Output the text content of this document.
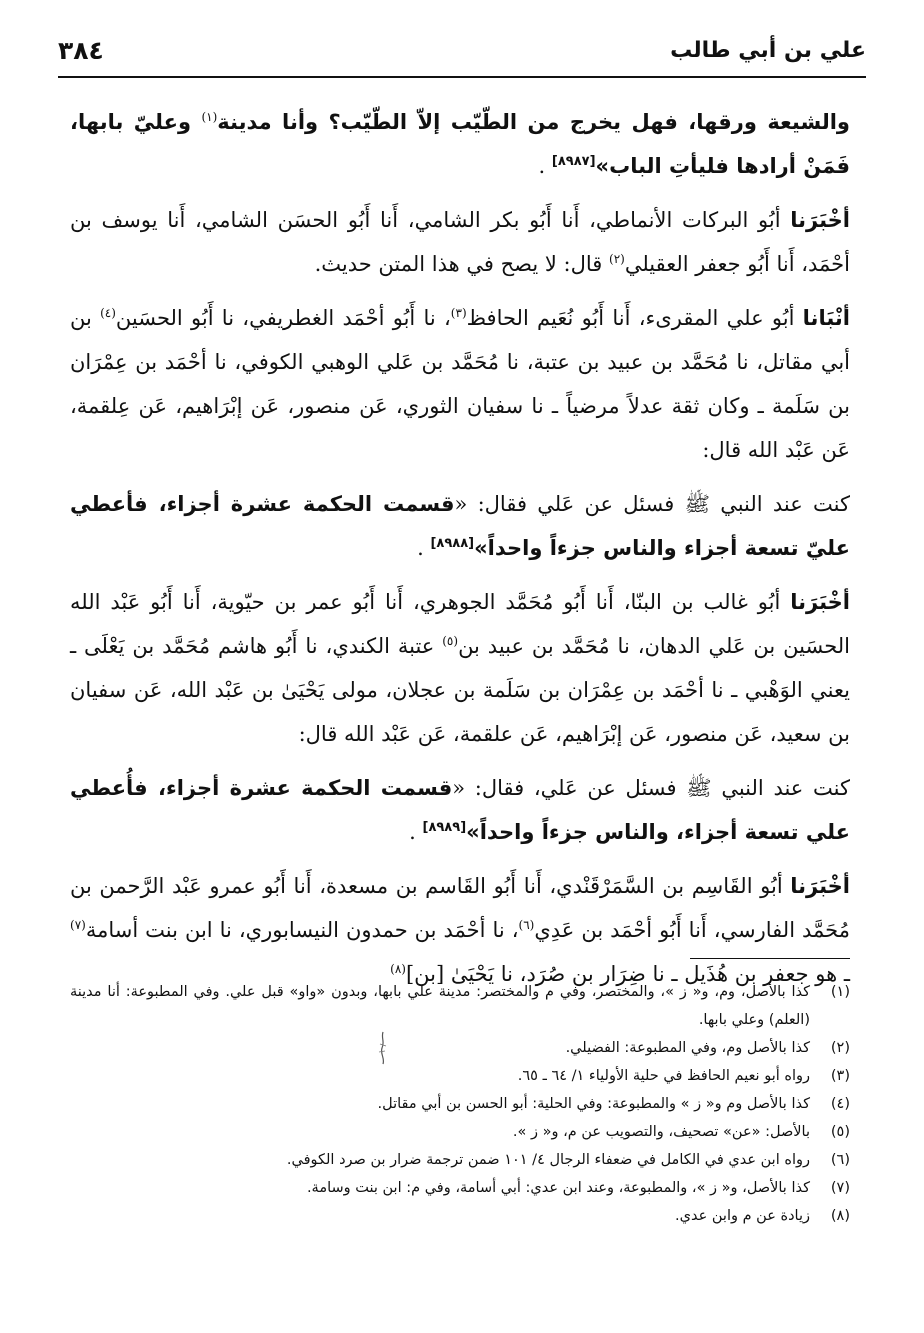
علي بن أبي طالب
٣٨٤

والشيعة ورقها، فهل يخرج من الطّيّب إلاّ الطّيّب؟ وأنا مدينة$^{(١)}$ وعليّ بابها، فَمَنْ أرادها فليأتِ الباب»[٨٩٨٧] .

أخْبَرَنا أبُو البركات الأنماطي، أَنا أَبُو بكر الشامي، أَنا أَبُو الحسَن الشامي، أَنا يوسف بن أحْمَد، أَنا أَبُو جعفر العقيلي$^{(٢)}$ قال: لا يصح في هذا المتن حديث.

أنْبَانا أبُو علي المقرىء، أَنا أَبُو نُعَيم الحافظ$^{(٣)}$، نا أَبُو أحْمَد الغطريفي، نا أَبُو الحسَين$^{(٤)}$ بن أبي مقاتل، نا مُحَمَّد بن عبيد بن عتبة، نا مُحَمَّد بن عَلي الوهبي الكوفي، نا أحْمَد بن عِمْرَان بن سَلَمة ـ وكان ثقة عدلاً مرضياً ـ نا سفيان الثوري، عَن منصور، عَن إبْرَاهيم، عَن عِلقمة، عَن عَبْد الله قال:

كنت عند النبي ﷺ فسئل عن عَلي فقال: «قسمت الحكمة عشرة أجزاء، فأعطي عليّ تسعة أجزاء والناس جزءاً واحداً»[٨٩٨٨] .

أخْبَرَنا أبُو غالب بن البنّا، أَنا أَبُو مُحَمَّد الجوهري، أَنا أَبُو عمر بن حيّوية، أَنا أَبُو عَبْد الله الحسَين بن عَلي الدهان، نا مُحَمَّد بن عبيد بن$^{(٥)}$ عتبة الكندي، نا أَبُو هاشم مُحَمَّد بن يَعْلَى ـ يعني الوَهْبي ـ نا أحْمَد بن عِمْرَان بن سَلَمة بن عجلان، مولى يَحْيَىٰ بن عَبْد الله، عَن سفيان بن سعيد، عَن منصور، عَن إبْرَاهيم، عَن علقمة، عَن عَبْد الله قال:

كنت عند النبي ﷺ فسئل عن عَلي، فقال: «قسمت الحكمة عشرة أجزاء، فأُعطي علي تسعة أجزاء، والناس جزءاً واحداً»[٨٩٨٩] .

أخْبَرَنا أبُو القَاسِم بن السَّمَرْقَنْدي، أَنا أَبُو القَاسم بن مسعدة، أَنا أَبُو عمرو عَبْد الرَّحمن بن مُحَمَّد الفارسي، أَنا أَبُو أحْمَد بن عَدِي$^{(٦)}$، نا أحْمَد بن حمدون النيسابوري، نا ابن بنت أسامة$^{(٧)}$ ـ هو جعفر بن هُذَيل ـ نا ضِرَار بن صُرَد، نا يَحْيَىٰ [بن]$^{(٨)}$

(١)
كذا بالأصل، وم، و« ز »، والمختصر، وفي م والمختصر: مدينة علي بابها، وبدون «واو» قبل علي. وفي المطبوعة: أنا مدينة (العلم) وعلي بابها.
(٢)
كذا بالأصل وم، وفي المطبوعة: الفضيلي.
(٣)
رواه أبو نعيم الحافظ في حلية الأولياء ١/ ٦٤ ـ ٦٥.
(٤)
كذا بالأصل وم و« ز » والمطبوعة: وفي الحلية: أبو الحسن بن أبي مقاتل.
(٥)
بالأصل: «عن» تصحيف، والتصويب عن م، و« ز ».
(٦)
رواه ابن عدي في الكامل في ضعفاء الرجال ٤/ ١٠١ ضمن ترجمة ضرار بن صرد الكوفي.
(٧)
كذا بالأصل، و« ز »، والمطبوعة، وعند ابن عدي: أبي أسامة، وفي م: ابن بنت وسامة.
(٨)
زيادة عن م وابن عدي.
